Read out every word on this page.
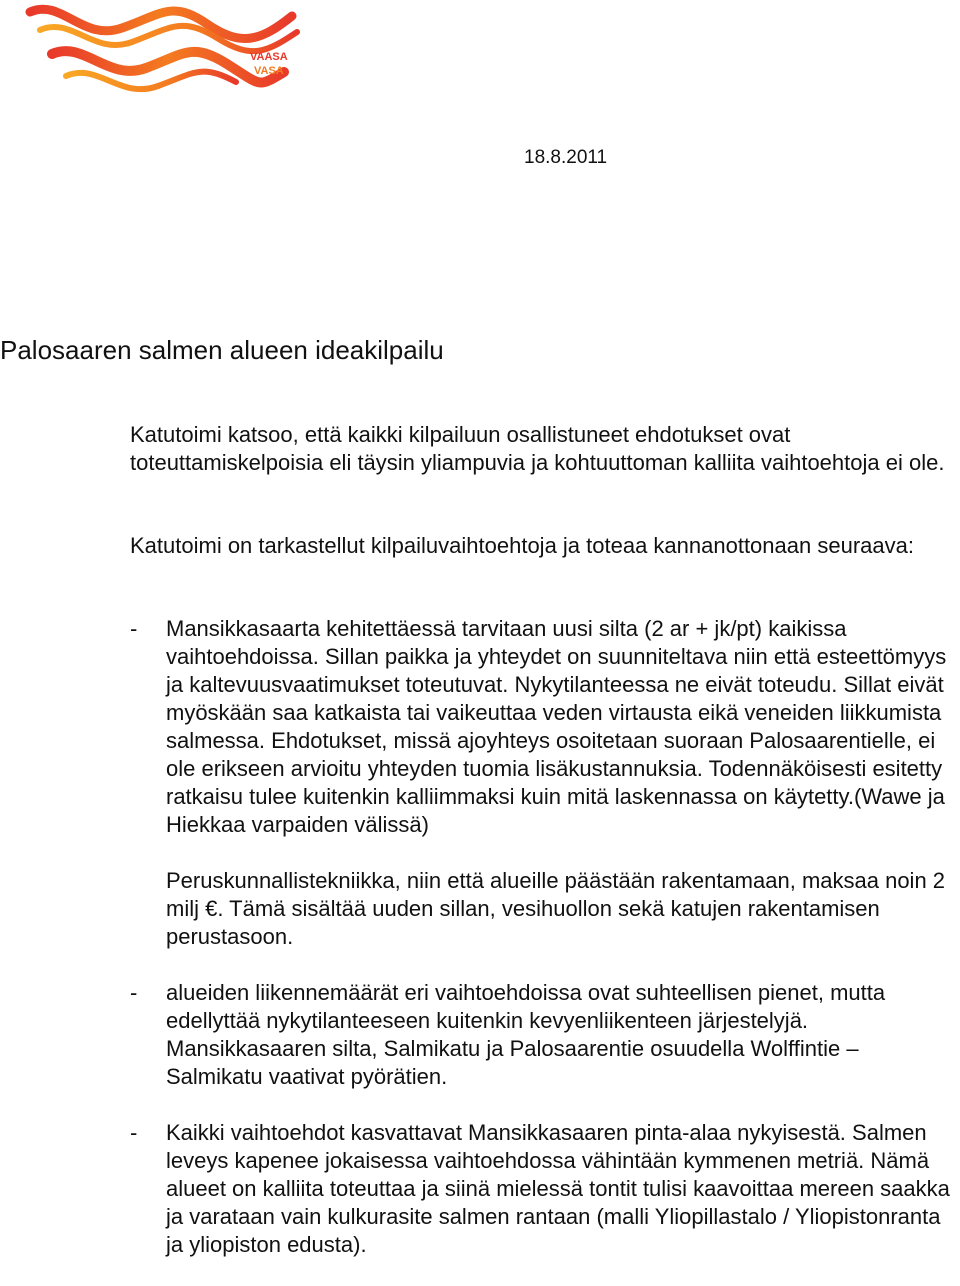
VAASA
VASA
18.8.2011
Palosaaren salmen alueen ideakilpailu

Katutoimi katsoo, että kaikki kilpailuun osallistuneet ehdotukset ovat toteuttamiskelpoisia eli täysin yliampuvia ja kohtuuttoman kalliita vaihtoehtoja ei ole.

Katutoimi on tarkastellut kilpailuvaihtoehtoja ja toteaa kannanottonaan seuraava:

- Mansikkasaarta kehitettäessä tarvitaan uusi silta (2 ar + jk/pt) kaikissa vaihtoehdoissa. Sillan paikka ja yhteydet on suunniteltava niin että esteettömyys ja kaltevuusvaatimukset toteutuvat. Nykytilanteessa ne eivät toteudu. Sillat eivät myöskään saa katkaista tai vaikeuttaa veden virtausta eikä veneiden liikkumista salmessa. Ehdotukset, missä ajoyhteys osoitetaan suoraan Palosaarentielle, ei ole erikseen arvioitu yhteyden tuomia lisäkustannuksia. Todennäköisesti esitetty ratkaisu tulee kuitenkin kalliimmaksi kuin mitä laskennassa on käytetty.(Wawe ja Hiekkaa varpaiden välissä)

Peruskunnallistekniikka, niin että alueille päästään rakentamaan, maksaa noin 2 milj €. Tämä sisältää uuden sillan, vesihuollon sekä katujen rakentamisen perustasoon.

- alueiden liikennemäärät eri vaihtoehdoissa ovat suhteellisen pienet, mutta edellyttää nykytilanteeseen kuitenkin kevyenliikenteen järjestelyjä. Mansikkasaaren silta, Salmikatu ja Palosaarentie osuudella Wolffintie – Salmikatu vaativat pyörätien.
- Kaikki vaihtoehdot kasvattavat Mansikkasaaren pinta-alaa nykyisestä. Salmen leveys kapenee jokaisessa vaihtoehdossa vähintään kymmenen metriä. Nämä alueet on kalliita toteuttaa ja siinä mielessä tontit tulisi kaavoittaa mereen saakka ja varataan vain kulkurasite salmen rantaan (malli Yliopillastalo / Yliopistonranta ja yliopiston edusta).
